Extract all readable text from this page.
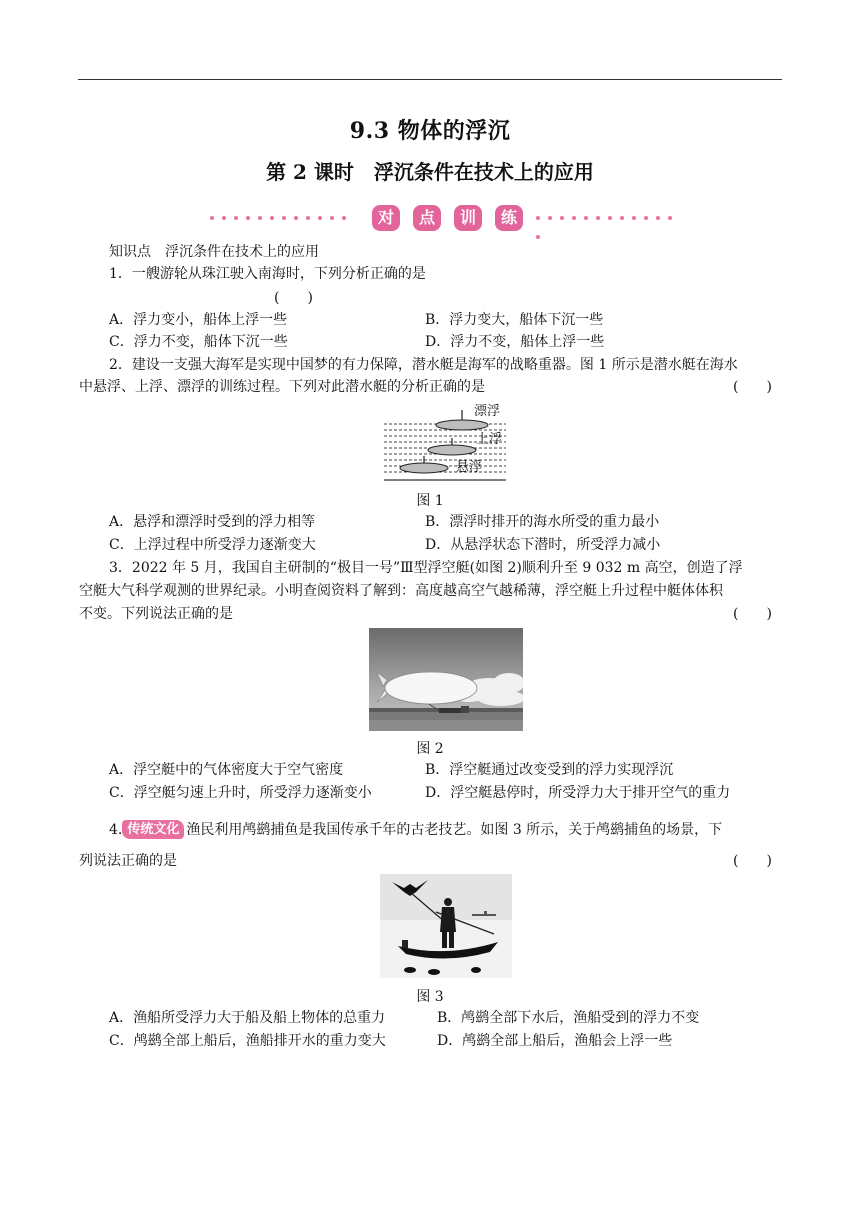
9.3 物体的浮沉
第 2 课时　浮沉条件在技术上的应用
对	点	训	练
知识点　浮沉条件在技术上的应用
1．一艘游轮从珠江驶入南海时，下列分析正确的是
(　　)
A．浮力变小，船体上浮一些	B．浮力变大，船体下沉一些
C．浮力不变，船体下沉一些	D．浮力不变，船体上浮一些
2．建设一支强大海军是实现中国梦的有力保障，潜水艇是海军的战略重器。图 1 所示是潜水艇在海水
中悬浮、上浮、漂浮的训练过程。下列对此潜水艇的分析正确的是	(　　)
漂浮
上浮
悬浮
图 1
A．悬浮和漂浮时受到的浮力相等	B．漂浮时排开的海水所受的重力最小
C．上浮过程中所受浮力逐渐变大	D．从悬浮状态下潜时，所受浮力减小
3．2022 年 5 月，我国自主研制的“极目一号”Ⅲ型浮空艇(如图 2)顺利升至 9 032 m 高空，创造了浮
空艇大气科学观测的世界纪录。小明查阅资料了解到：高度越高空气越稀薄，浮空艇上升过程中艇体体积
不变。下列说法正确的是	(　　)
图 2
A．浮空艇中的气体密度大于空气密度	B．浮空艇通过改变受到的浮力实现浮沉
C．浮空艇匀速上升时，所受浮力逐渐变小	D．浮空艇悬停时，所受浮力大于排开空气的重力
4. 传统文化 渔民利用鸬鹚捕鱼是我国传承千年的古老技艺。如图 3 所示，关于鸬鹚捕鱼的场景，下
列说法正确的是	(　　)
图 3
A．渔船所受浮力大于船及船上物体的总重力	B．鸬鹚全部下水后，渔船受到的浮力不变
C．鸬鹚全部上船后，渔船排开水的重力变大	D．鸬鹚全部上船后，渔船会上浮一些
